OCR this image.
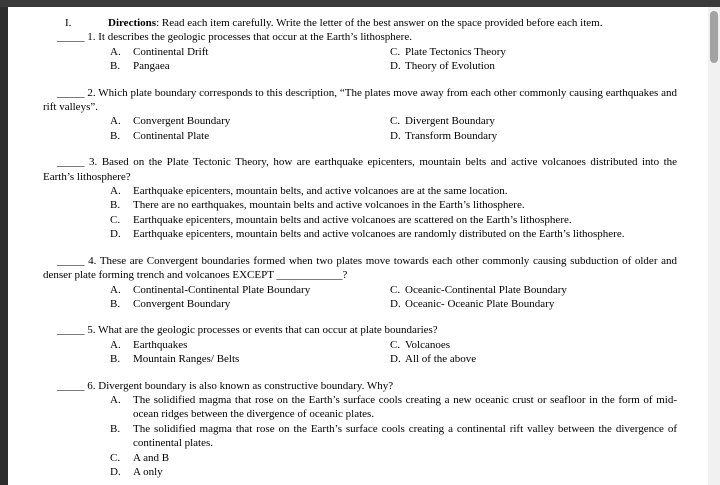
I.	Directions: Read each item carefully. Write the letter of the best answer on the space provided before each item.

_____ 1. It describes the geologic processes that occur at the Earth’s lithosphere.

A.	Continental Drift	C. Plate Tectonics Theory
B.	Pangaea	D. Theory of Evolution

_____ 2. Which plate boundary corresponds to this description, “The plates move away from each other commonly causing earthquakes and rift valleys”.

A.	Convergent Boundary	C. Divergent Boundary
B.	Continental Plate	D. Transform Boundary

_____ 3. Based on the Plate Tectonic Theory, how are earthquake epicenters, mountain belts and active volcanoes distributed into the Earth’s lithosphere?

A.	Earthquake epicenters, mountain belts, and active volcanoes are at the same location.
B.	There are no earthquakes, mountain belts and active volcanoes in the Earth’s lithosphere.
C.	Earthquake epicenters, mountain belts and active volcanoes are scattered on the Earth’s lithosphere.
D.	Earthquake epicenters, mountain belts and active volcanoes are randomly distributed on the Earth’s lithosphere.

_____ 4. These are Convergent boundaries formed when two plates move towards each other commonly causing subduction of older and denser plate forming trench and volcanoes EXCEPT ____________?

A.	Continental-Continental Plate Boundary	C. Oceanic-Continental Plate Boundary
B.	Convergent Boundary	D. Oceanic- Oceanic Plate Boundary

_____ 5. What are the geologic processes or events that can occur at plate boundaries?

A.	Earthquakes	C. Volcanoes
B.	Mountain Ranges/ Belts	D. All of the above

_____ 6. Divergent boundary is also known as constructive boundary. Why?

A.	The solidified magma that rose on the Earth’s surface cools creating a new oceanic crust or seafloor in the form of mid-ocean ridges between the divergence of oceanic plates.
B.	The solidified magma that rose on the Earth’s surface cools creating a continental rift valley between the divergence of continental plates.
C.	A and B
D.	A only
